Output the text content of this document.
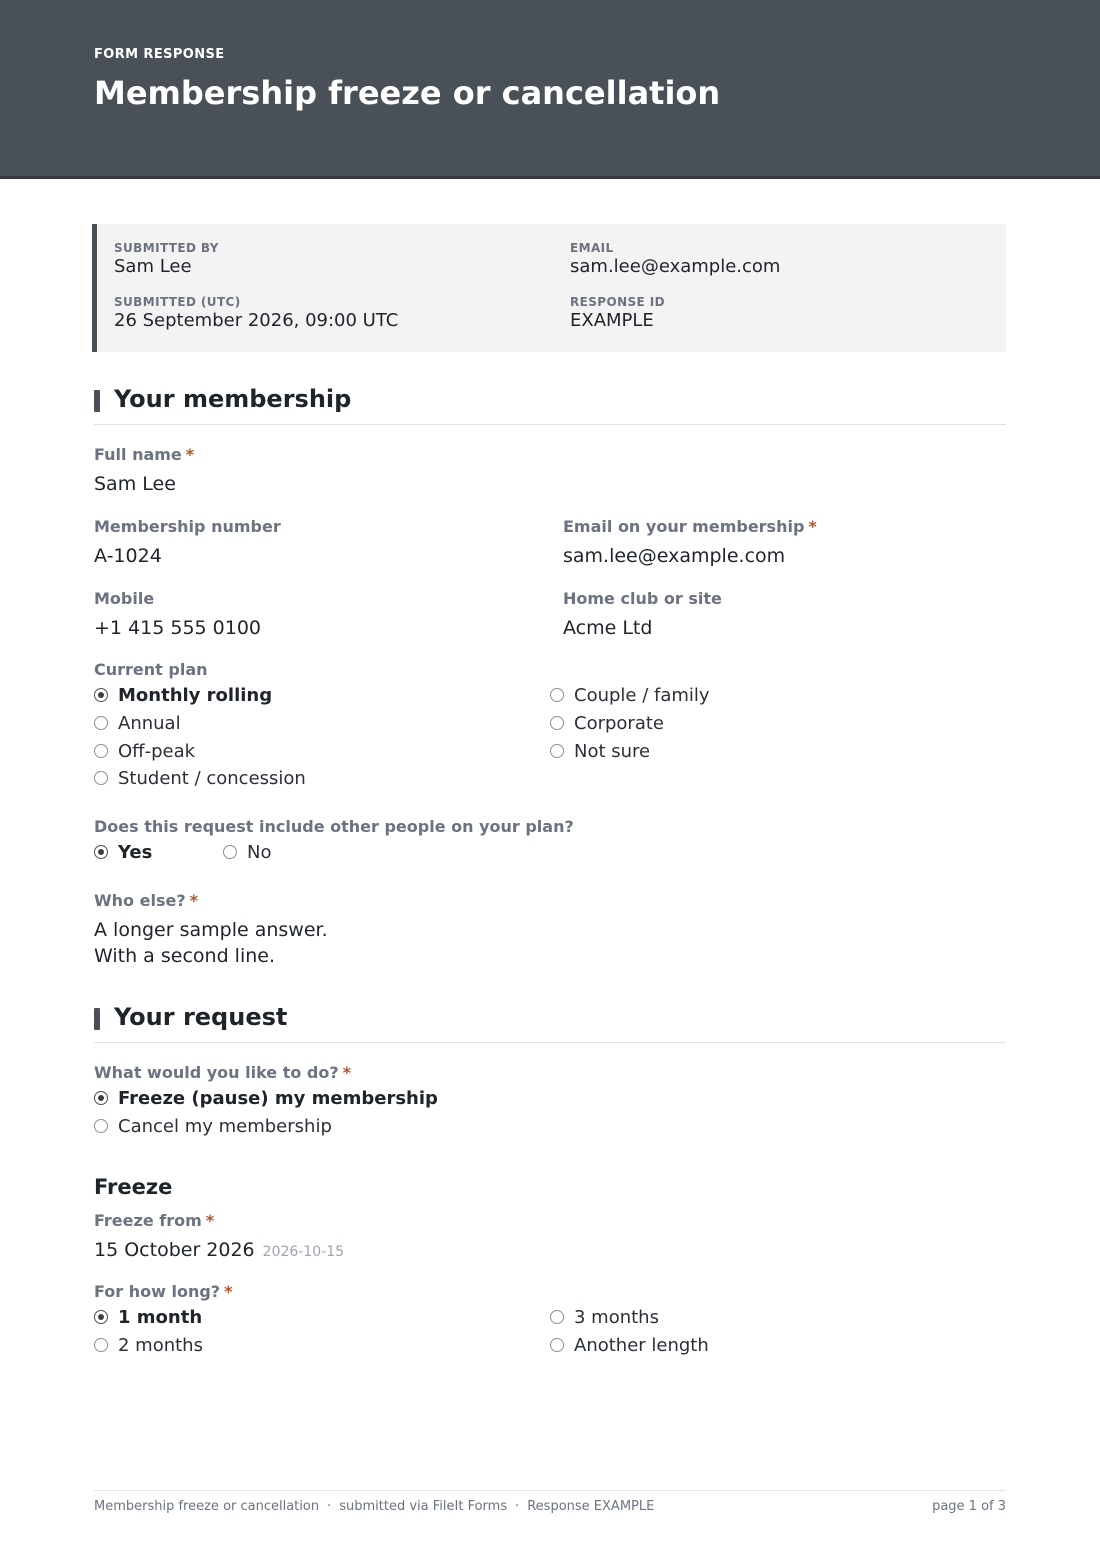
FORM RESPONSE
Membership freeze or cancellation
SUBMITTED BY
Sam Lee
EMAIL
sam.lee@example.com
SUBMITTED (UTC)
26 September 2026, 09:00 UTC
RESPONSE ID
EXAMPLE
Your membership
Full name *
Sam Lee
Membership number
A-1024
Email on your membership *
sam.lee@example.com
Mobile
+1 415 555 0100
Home club or site
Acme Ltd
Current plan
Monthly rolling
Annual
Off-peak
Student / concession
Couple / family
Corporate
Not sure
Does this request include other people on your plan?
Yes	No
Who else? *
A longer sample answer.
With a second line.
Your request
What would you like to do? *
Freeze (pause) my membership
Cancel my membership
Freeze
Freeze from *
15 October 2026 2026-10-15
For how long? *
1 month
2 months
3 months
Another length
Membership freeze or cancellation · submitted via FileIt Forms · Response EXAMPLE	page 1 of 3
